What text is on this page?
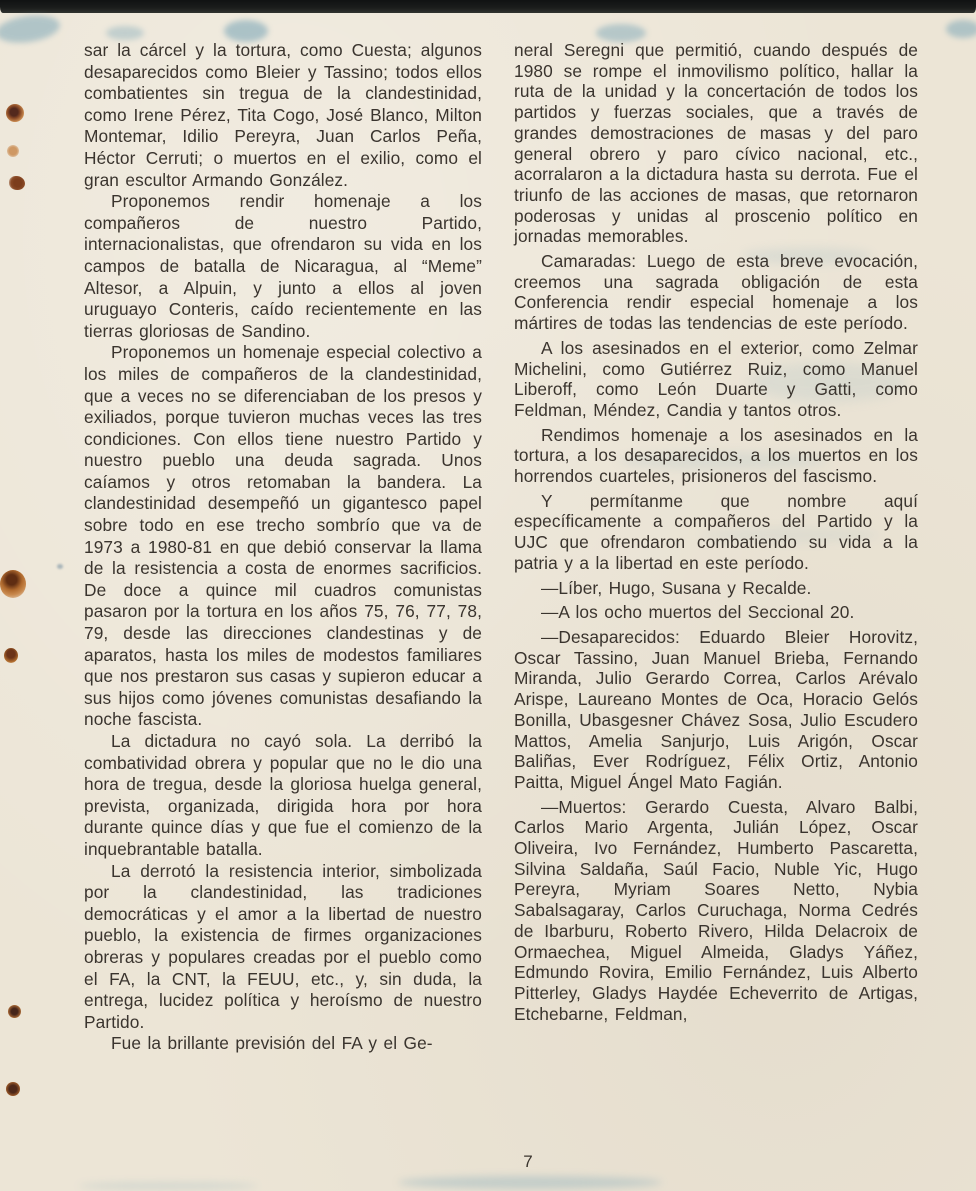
sar la cárcel y la tortura, como Cuesta; algunos desaparecidos como Bleier y Tassino; todos ellos combatientes sin tregua de la clandestinidad, como Irene Pérez, Tita Cogo, José Blanco, Milton Montemar, Idilio Pereyra, Juan Carlos Peña, Héctor Cerruti; o muertos en el exilio, como el gran escultor Armando González.

Proponemos rendir homenaje a los compañeros de nuestro Partido, internacionalistas, que ofrendaron su vida en los campos de batalla de Nicaragua, al “Meme” Altesor, a Alpuin, y junto a ellos al joven uruguayo Conteris, caído recientemente en las tierras gloriosas de Sandino.

Proponemos un homenaje especial colectivo a los miles de compañeros de la clandestinidad, que a veces no se diferenciaban de los presos y exiliados, porque tuvieron muchas veces las tres condiciones. Con ellos tiene nuestro Partido y nuestro pueblo una deuda sagrada. Unos caíamos y otros retomaban la bandera. La clandestinidad desempeñó un gigantesco papel sobre todo en ese trecho sombrío que va de 1973 a 1980-81 en que debió conservar la llama de la resistencia a costa de enormes sacrificios. De doce a quince mil cuadros comunistas pasaron por la tortura en los años 75, 76, 77, 78, 79, desde las direcciones clandestinas y de aparatos, hasta los miles de modestos familiares que nos prestaron sus casas y supieron educar a sus hijos como jóvenes comunistas desafiando la noche fascista.

La dictadura no cayó sola. La derribó la combatividad obrera y popular que no le dio una hora de tregua, desde la gloriosa huelga general, prevista, organizada, dirigida hora por hora durante quince días y que fue el comienzo de la inquebrantable batalla.

La derrotó la resistencia interior, simbolizada por la clandestinidad, las tradiciones democráticas y el amor a la libertad de nuestro pueblo, la existencia de firmes organizaciones obreras y populares creadas por el pueblo como el FA, la CNT, la FEUU, etc., y, sin duda, la entrega, lucidez política y heroísmo de nuestro Partido.

Fue la brillante previsión del FA y el Ge-

neral Seregni que permitió, cuando después de 1980 se rompe el inmovilismo político, hallar la ruta de la unidad y la concertación de todos los partidos y fuerzas sociales, que a través de grandes demostraciones de masas y del paro general obrero y paro cívico nacional, etc., acorralaron a la dictadura hasta su derrota. Fue el triunfo de las acciones de masas, que retornaron poderosas y unidas al proscenio político en jornadas memorables.

Camaradas: Luego de esta breve evocación, creemos una sagrada obligación de esta Conferencia rendir especial homenaje a los mártires de todas las tendencias de este período.

A los asesinados en el exterior, como Zelmar Michelini, como Gutiérrez Ruiz, como Manuel Liberoff, como León Duarte y Gatti, como Feldman, Méndez, Candia y tantos otros.

Rendimos homenaje a los asesinados en la tortura, a los desaparecidos, a los muertos en los horrendos cuarteles, prisioneros del fascismo.

Y permítanme que nombre aquí específicamente a compañeros del Partido y la UJC que ofrendaron combatiendo su vida a la patria y a la libertad en este período.

—Líber, Hugo, Susana y Recalde.

—A los ocho muertos del Seccional 20.

—Desaparecidos: Eduardo Bleier Horovitz, Oscar Tassino, Juan Manuel Brieba, Fernando Miranda, Julio Gerardo Correa, Carlos Arévalo Arispe, Laureano Montes de Oca, Horacio Gelós Bonilla, Ubasgesner Chávez Sosa, Julio Escudero Mattos, Amelia Sanjurjo, Luis Arigón, Oscar Baliñas, Ever Rodríguez, Félix Ortiz, Antonio Paitta, Miguel Ángel Mato Fagián.

—Muertos: Gerardo Cuesta, Alvaro Balbi, Carlos Mario Argenta, Julián López, Oscar Oliveira, Ivo Fernández, Humberto Pascaretta, Silvina Saldaña, Saúl Facio, Nuble Yic, Hugo Pereyra, Myriam Soares Netto, Nybia Sabalsagaray, Carlos Curuchaga, Norma Cedrés de Ibarburu, Roberto Rivero, Hilda Delacroix de Ormaechea, Miguel Almeida, Gladys Yáñez, Edmundo Rovira, Emilio Fernández, Luis Alberto Pitterley, Gladys Haydée Echeverrito de Artigas, Etchebarne, Feldman,

7
